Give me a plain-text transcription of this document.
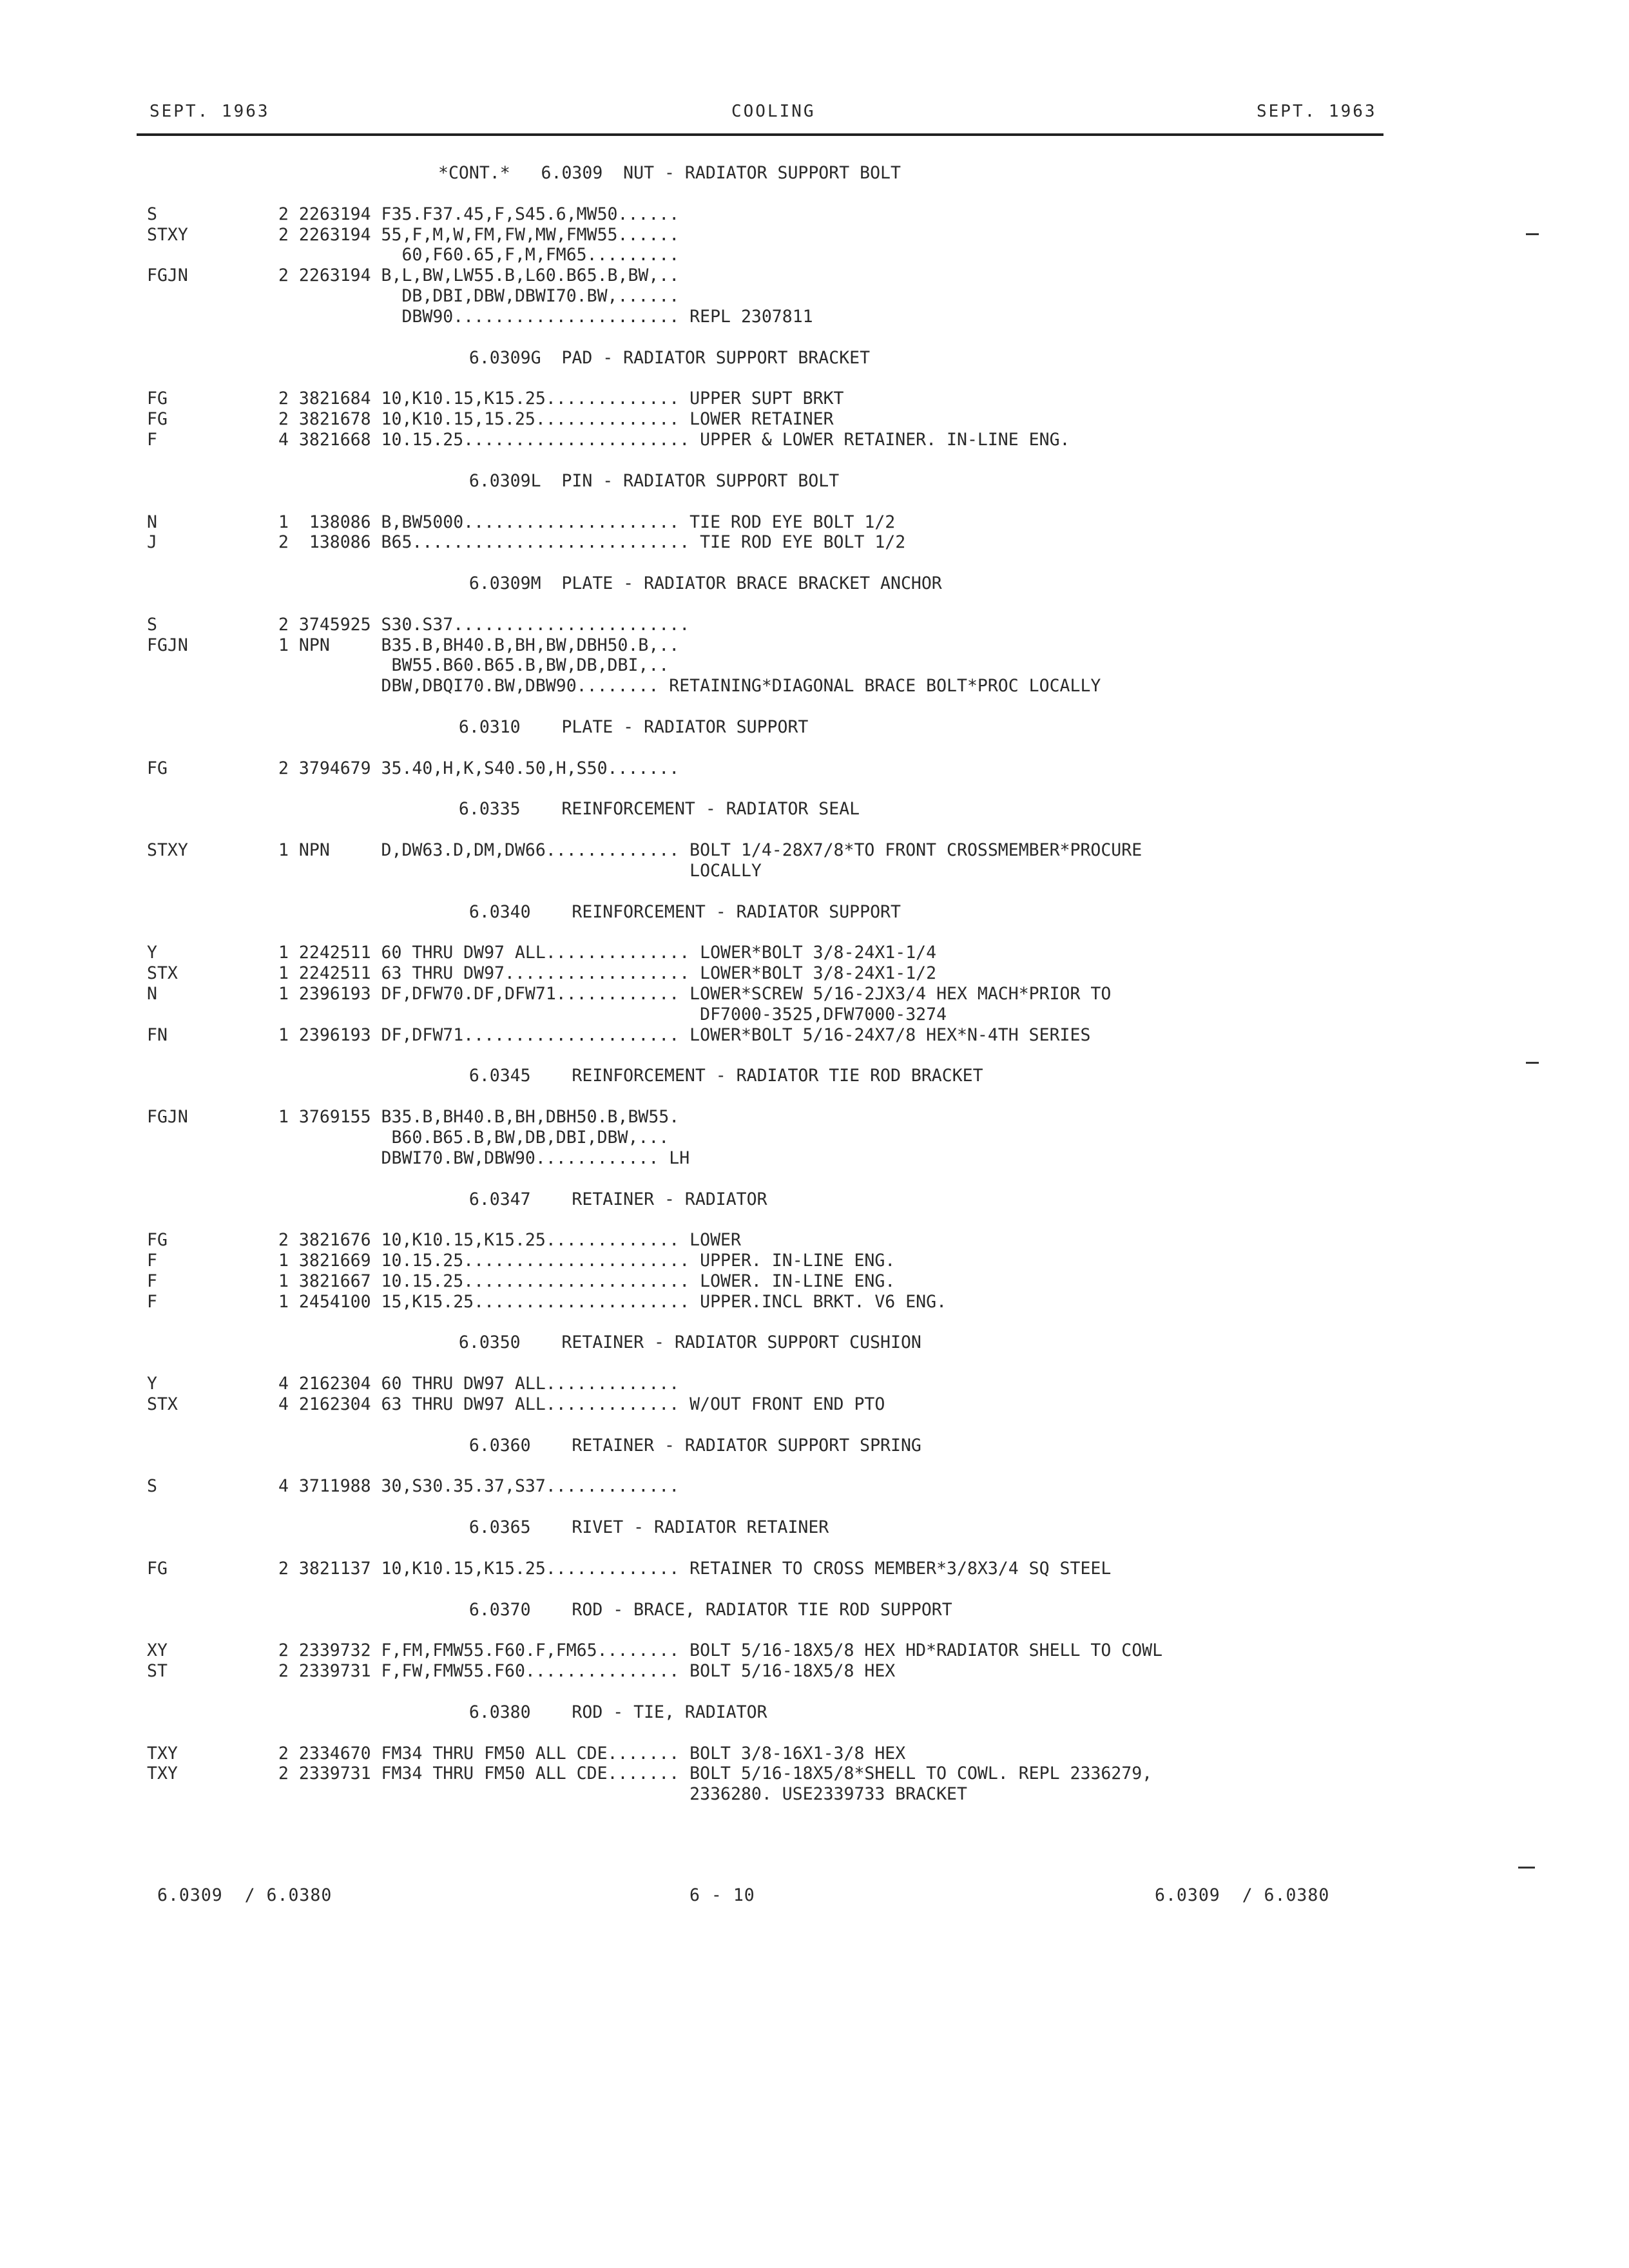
SEPT. 1963	COOLING	SEPT. 1963
*CONT.*   6.0309  NUT - RADIATOR SUPPORT BOLT
S	2 2263194 F35.F37.45,F,S45.6,MW50......
STXY	2 2263194 55,F,M,W,FM,FW,MW,FMW55......
60,F60.65,F,M,FM65.........
FGJN	2 2263194 B,L,BW,LW55.B,L60.B65.B,BW,..
DB,DBI,DBW,DBWI70.BW,......
DBW90...................... REPL 2307811
6.0309G  PAD - RADIATOR SUPPORT BRACKET
FG	2 3821684 10,K10.15,K15.25............. UPPER SUPT BRKT
FG	2 3821678 10,K10.15,15.25.............. LOWER RETAINER
F	4 3821668 10.15.25...................... UPPER & LOWER RETAINER. IN-LINE ENG.
6.0309L  PIN - RADIATOR SUPPORT BOLT
N	1  138086 B,BW5000..................... TIE ROD EYE BOLT 1/2
J	2  138086 B65........................... TIE ROD EYE BOLT 1/2
6.0309M  PLATE - RADIATOR BRACE BRACKET ANCHOR
S	2 3745925 S30.S37.......................
FGJN	1 NPN     B35.B,BH40.B,BH,BW,DBH50.B,..
BW55.B60.B65.B,BW,DB,DBI,..
DBW,DBQI70.BW,DBW90........ RETAINING*DIAGONAL BRACE BOLT*PROC LOCALLY
6.0310    PLATE - RADIATOR SUPPORT
FG	2 3794679 35.40,H,K,S40.50,H,S50.......
6.0335    REINFORCEMENT - RADIATOR SEAL
STXY	1 NPN     D,DW63.D,DM,DW66............. BOLT 1/4-28X7/8*TO FRONT CROSSMEMBER*PROCURE
LOCALLY
6.0340    REINFORCEMENT - RADIATOR SUPPORT
Y	1 2242511 60 THRU DW97 ALL.............. LOWER*BOLT 3/8-24X1-1/4
STX	1 2242511 63 THRU DW97.................. LOWER*BOLT 3/8-24X1-1/2
N	1 2396193 DF,DFW70.DF,DFW71............ LOWER*SCREW 5/16-2JX3/4 HEX MACH*PRIOR TO
DF7000-3525,DFW7000-3274
FN	1 2396193 DF,DFW71..................... LOWER*BOLT 5/16-24X7/8 HEX*N-4TH SERIES
6.0345    REINFORCEMENT - RADIATOR TIE ROD BRACKET
FGJN	1 3769155 B35.B,BH40.B,BH,DBH50.B,BW55.
B60.B65.B,BW,DB,DBI,DBW,...
DBWI70.BW,DBW90............ LH
6.0347    RETAINER - RADIATOR
FG	2 3821676 10,K10.15,K15.25............. LOWER
F	1 3821669 10.15.25...................... UPPER. IN-LINE ENG.
F	1 3821667 10.15.25...................... LOWER. IN-LINE ENG.
F	1 2454100 15,K15.25..................... UPPER.INCL BRKT. V6 ENG.
6.0350    RETAINER - RADIATOR SUPPORT CUSHION
Y	4 2162304 60 THRU DW97 ALL.............
STX	4 2162304 63 THRU DW97 ALL............. W/OUT FRONT END PTO
6.0360    RETAINER - RADIATOR SUPPORT SPRING
S	4 3711988 30,S30.35.37,S37.............
6.0365    RIVET - RADIATOR RETAINER
FG	2 3821137 10,K10.15,K15.25............. RETAINER TO CROSS MEMBER*3/8X3/4 SQ STEEL
6.0370    ROD - BRACE, RADIATOR TIE ROD SUPPORT
XY	2 2339732 F,FM,FMW55.F60.F,FM65........ BOLT 5/16-18X5/8 HEX HD*RADIATOR SHELL TO COWL
ST	2 2339731 F,FW,FMW55.F60............... BOLT 5/16-18X5/8 HEX
6.0380    ROD - TIE, RADIATOR
TXY	2 2334670 FM34 THRU FM50 ALL CDE....... BOLT 3/8-16X1-3/8 HEX
TXY	2 2339731 FM34 THRU FM50 ALL CDE....... BOLT 5/16-18X5/8*SHELL TO COWL. REPL 2336279,
2336280. USE2339733 BRACKET
6.0309  / 6.0380	6 - 10	6.0309  / 6.0380
